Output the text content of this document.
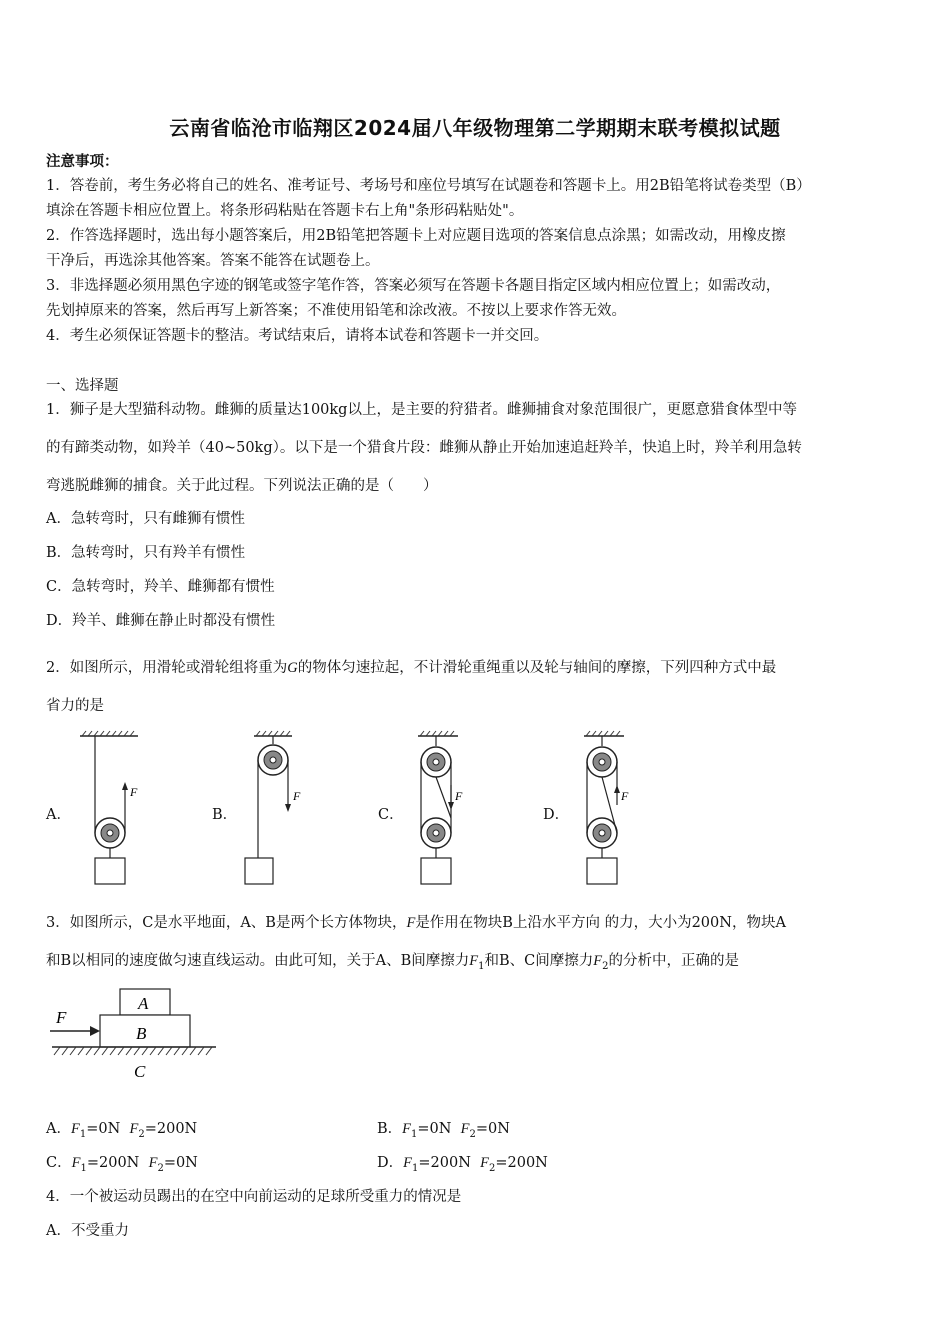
云南省临沧市临翔区2024届八年级物理第二学期期末联考模拟试题
注意事项：
1．答卷前，考生务必将自己的姓名、准考证号、考场号和座位号填写在试题卷和答题卡上。用2B铅笔将试卷类型（B）
填涂在答题卡相应位置上。将条形码粘贴在答题卡右上角"条形码粘贴处"。
2．作答选择题时，选出每小题答案后，用2B铅笔把答题卡上对应题目选项的答案信息点涂黑；如需改动，用橡皮擦
干净后，再选涂其他答案。答案不能答在试题卷上。
3．非选择题必须用黑色字迹的钢笔或签字笔作答，答案必须写在答题卡各题目指定区域内相应位置上；如需改动，
先划掉原来的答案，然后再写上新答案；不准使用铅笔和涂改液。不按以上要求作答无效。
4．考生必须保证答题卡的整洁。考试结束后，请将本试卷和答题卡一并交回。
一、选择题
1．狮子是大型猫科动物。雌狮的质量达100kg以上，是主要的狩猎者。雌狮捕食对象范围很广，更愿意猎食体型中等
的有蹄类动物，如羚羊（40~50kg）。以下是一个猎食片段：雌狮从静止开始加速追赶羚羊，快追上时，羚羊利用急转
弯逃脱雌狮的捕食。关于此过程。下列说法正确的是（　　）
A．急转弯时，只有雌狮有惯性
B．急转弯时，只有羚羊有惯性
C．急转弯时，羚羊、雌狮都有惯性
D．羚羊、雌狮在静止时都没有惯性
2．如图所示，用滑轮或滑轮组将重为G的物体匀速拉起，不计滑轮重绳重以及轮与轴间的摩擦，下列四种方式中最
省力的是
A．	B．	C．	D．
F	F	F	F
3．如图所示，C是水平地面，A、B是两个长方体物块，F是作用在物块B上沿水平方向 的力，大小为200N，物块A
和B以相同的速度做匀速直线运动。由此可知，关于A、B间摩擦力$F_1$和B、C间摩擦力$F_2$的分析中，正确的是
A
B
F
C
A．$F_1=0N$ $F_2=200N$	B．$F_1=0N$ $F_2=0N$
C．$F_1=200N$ $F_2=0N$	D．$F_1=200N$ $F_2=200N$
4．一个被运动员踢出的在空中向前运动的足球所受重力的情况是
A．不受重力
